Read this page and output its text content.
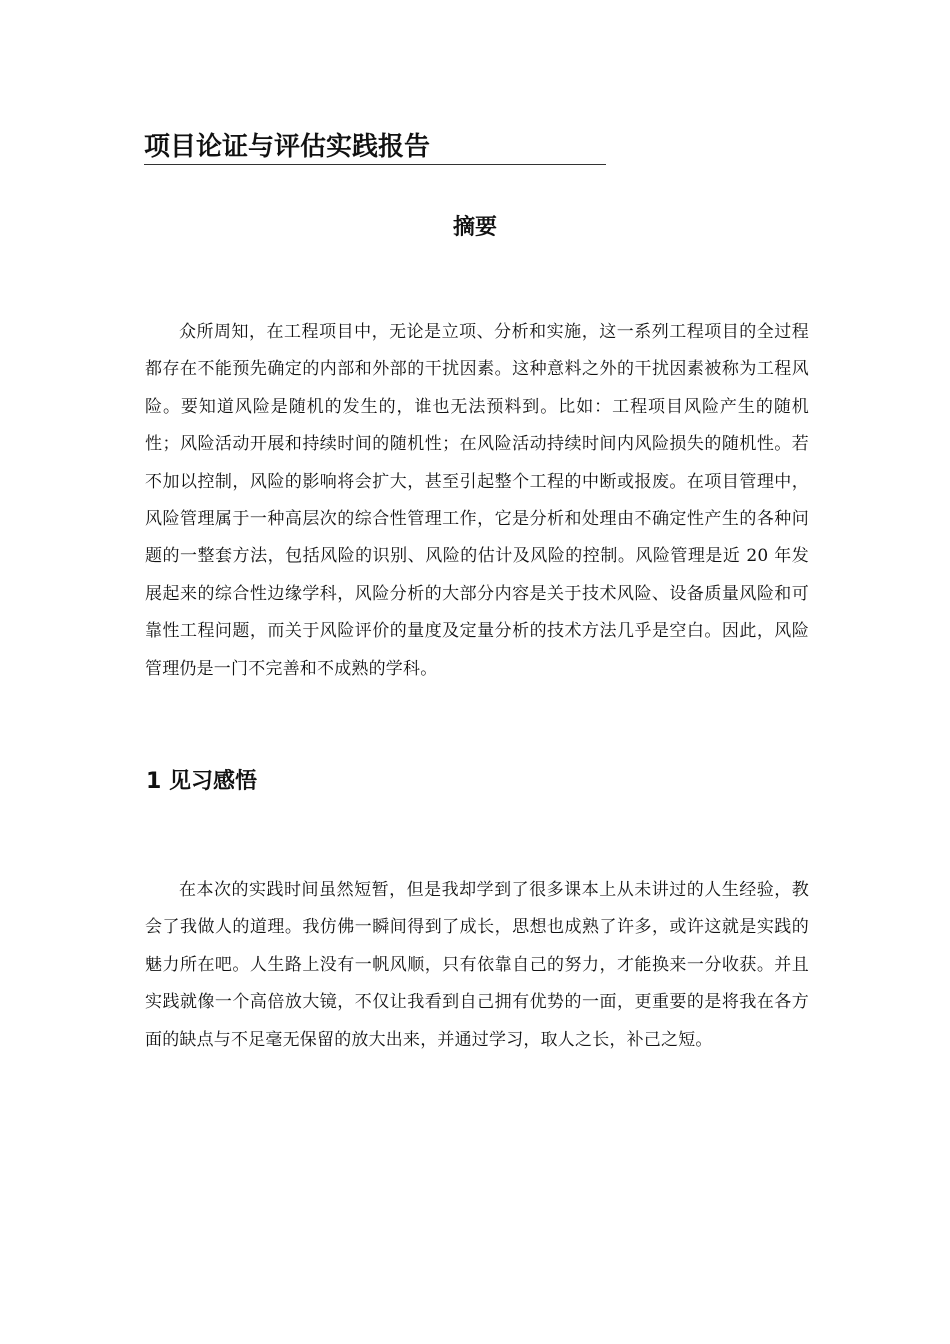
项目论证与评估实践报告
摘要

众所周知，在工程项目中，无论是立项、分析和实施，这一系列工程项目的全过程都存在不能预先确定的内部和外部的干扰因素。这种意料之外的干扰因素被称为工程风险。要知道风险是随机的发生的，谁也无法预料到。比如：工程项目风险产生的随机性；风险活动开展和持续时间的随机性；在风险活动持续时间内风险损失的随机性。若不加以控制，风险的影响将会扩大，甚至引起整个工程的中断或报废。在项目管理中，风险管理属于一种高层次的综合性管理工作，它是分析和处理由不确定性产生的各种问题的一整套方法，包括风险的识别、风险的估计及风险的控制。风险管理是近 20 年发展起来的综合性边缘学科，风险分析的大部分内容是关于技术风险、设备质量风险和可靠性工程问题，而关于风险评价的量度及定量分析的技术方法几乎是空白。因此，风险管理仍是一门不完善和不成熟的学科。

1 见习感悟

在本次的实践时间虽然短暂，但是我却学到了很多课本上从未讲过的人生经验，教会了我做人的道理。我仿佛一瞬间得到了成长，思想也成熟了许多，或许这就是实践的魅力所在吧。人生路上没有一帆风顺，只有依靠自己的努力，才能换来一分收获。并且实践就像一个高倍放大镜，不仅让我看到自己拥有优势的一面，更重要的是将我在各方面的缺点与不足毫无保留的放大出来，并通过学习，取人之长，补己之短。
